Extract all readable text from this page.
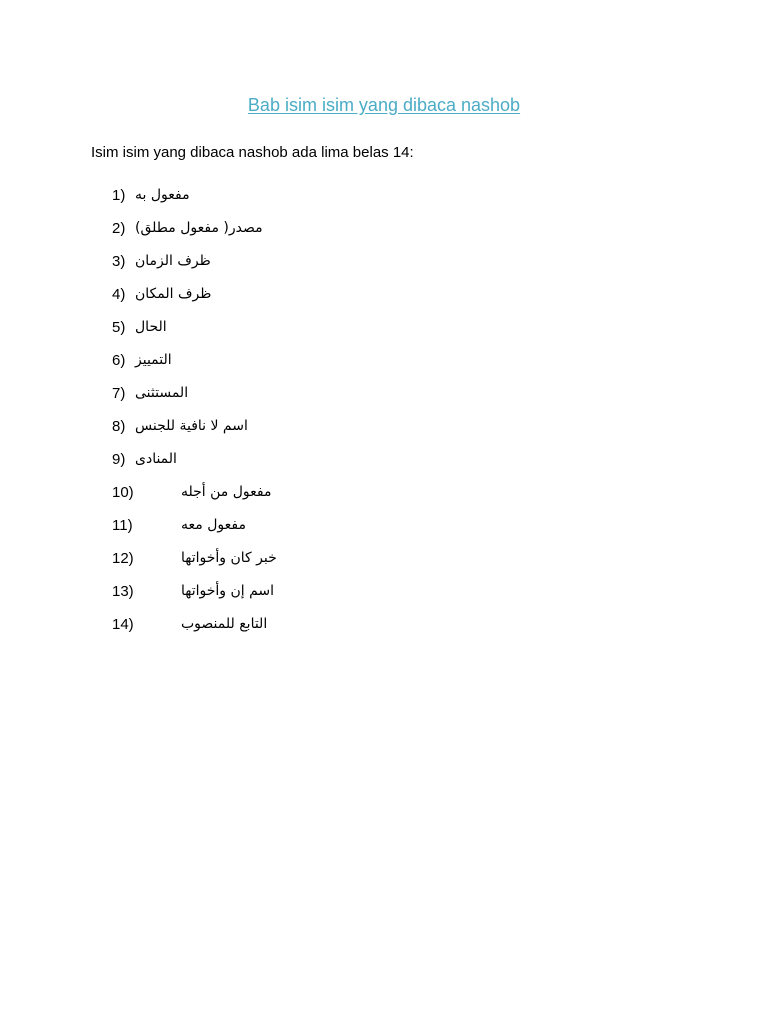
Bab isim isim yang dibaca nashob
Isim isim yang dibaca nashob ada lima belas 14:
1) مفعول به
2) مصدر( مفعول مطلق)
3) ظرف الزمان
4) ظرف المكان
5) الحال
6) التمييز
7) المستثنى
8) اسم لا نافية للجنس
9) المنادى
10)	مفعول من أجله
11)	مفعول معه
12)	خبر كان وأخواتها
13)	اسم إن وأخواتها
14)	التابع للمنصوب
